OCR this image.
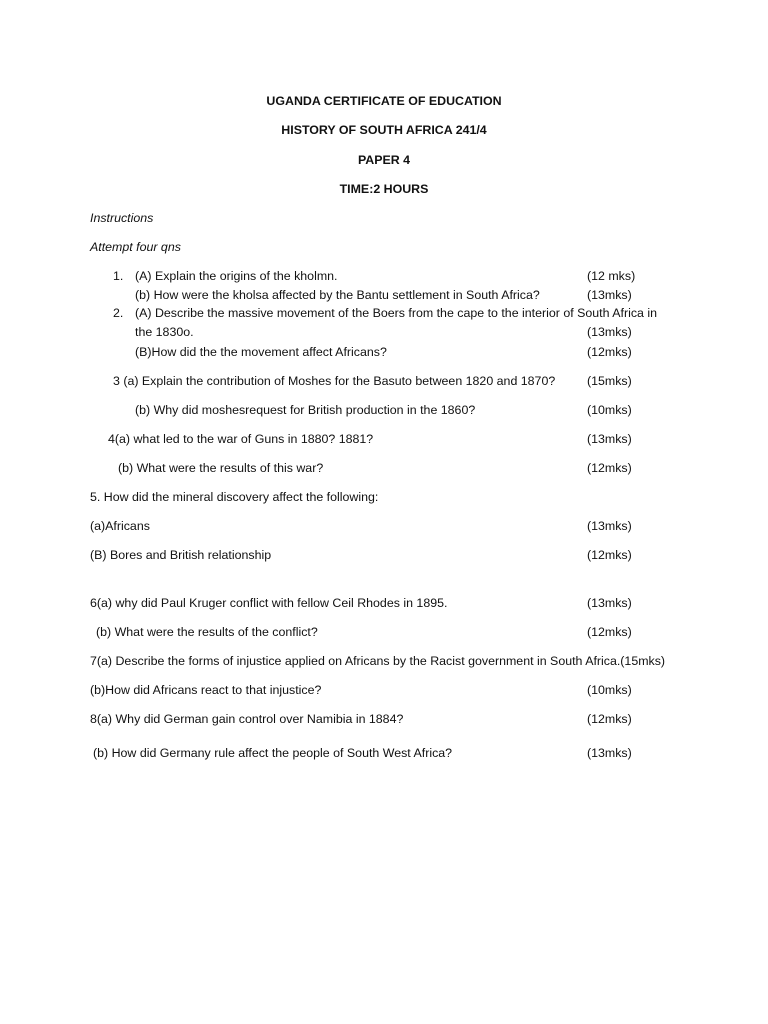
UGANDA CERTIFICATE OF EDUCATION
HISTORY OF SOUTH AFRICA 241/4
PAPER 4
TIME:2 HOURS
Instructions
Attempt four qns
1. (A) Explain the origins of the kholmn.	(12 mks)
(b) How were the kholsa affected by the Bantu settlement in South Africa?	(13mks)
2. (A) Describe the massive movement of the Boers from the cape to the interior of South Africa in
the 1830o.	(13mks)
(B)How did the the movement affect Africans?	(12mks)
3 (a) Explain the contribution of Moshes for the Basuto between 1820 and 1870?	(15mks)
(b) Why did moshesrequest for British production in the 1860?	(10mks)
4(a) what led to the war of Guns in 1880? 1881?	(13mks)
(b) What were the results of this war?	(12mks)
5. How did the mineral discovery affect the following:
(a)Africans	(13mks)
(B) Bores and British relationship	(12mks)
6(a) why did Paul Kruger conflict with fellow Ceil Rhodes in 1895.	(13mks)
(b) What were the results of the conflict?	(12mks)
7(a) Describe the forms of injustice applied on Africans by the Racist government in South Africa.(15mks)
(b)How did Africans react to that injustice?	(10mks)
8(a) Why did German gain control over Namibia in 1884?	(12mks)
(b) How did Germany rule affect the people of South West Africa?	(13mks)
